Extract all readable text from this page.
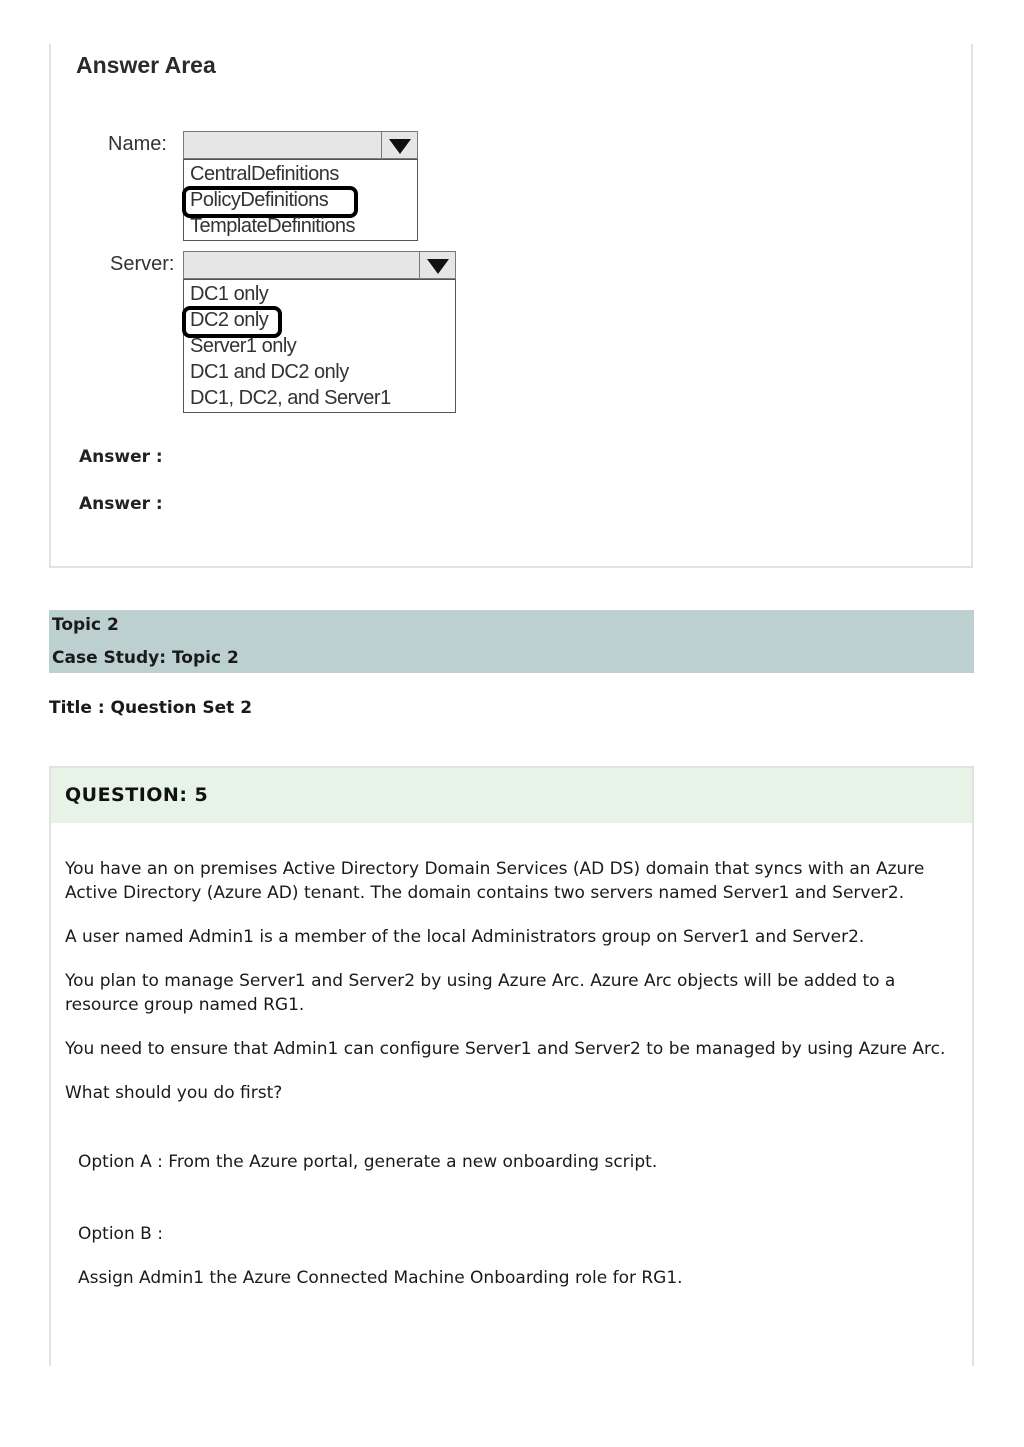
Answer Area
Name:
CentralDefinitions
PolicyDefinitions
TemplateDefinitions
Server:
DC1 only
DC2 only
Server1 only
DC1 and DC2 only
DC1, DC2, and Server1
Answer :
Answer :
Topic 2
Case Study: Topic 2
Title : Question Set 2
QUESTION: 5
You have an on premises Active Directory Domain Services (AD DS) domain that syncs with an Azure Active Directory (Azure AD) tenant. The domain contains two servers named Server1 and Server2.
A user named Admin1 is a member of the local Administrators group on Server1 and Server2.
You plan to manage Server1 and Server2 by using Azure Arc. Azure Arc objects will be added to a resource group named RG1.
You need to ensure that Admin1 can configure Server1 and Server2 to be managed by using Azure Arc.
What should you do first?
Option A : From the Azure portal, generate a new onboarding script.
Option B :
Assign Admin1 the Azure Connected Machine Onboarding role for RG1.
